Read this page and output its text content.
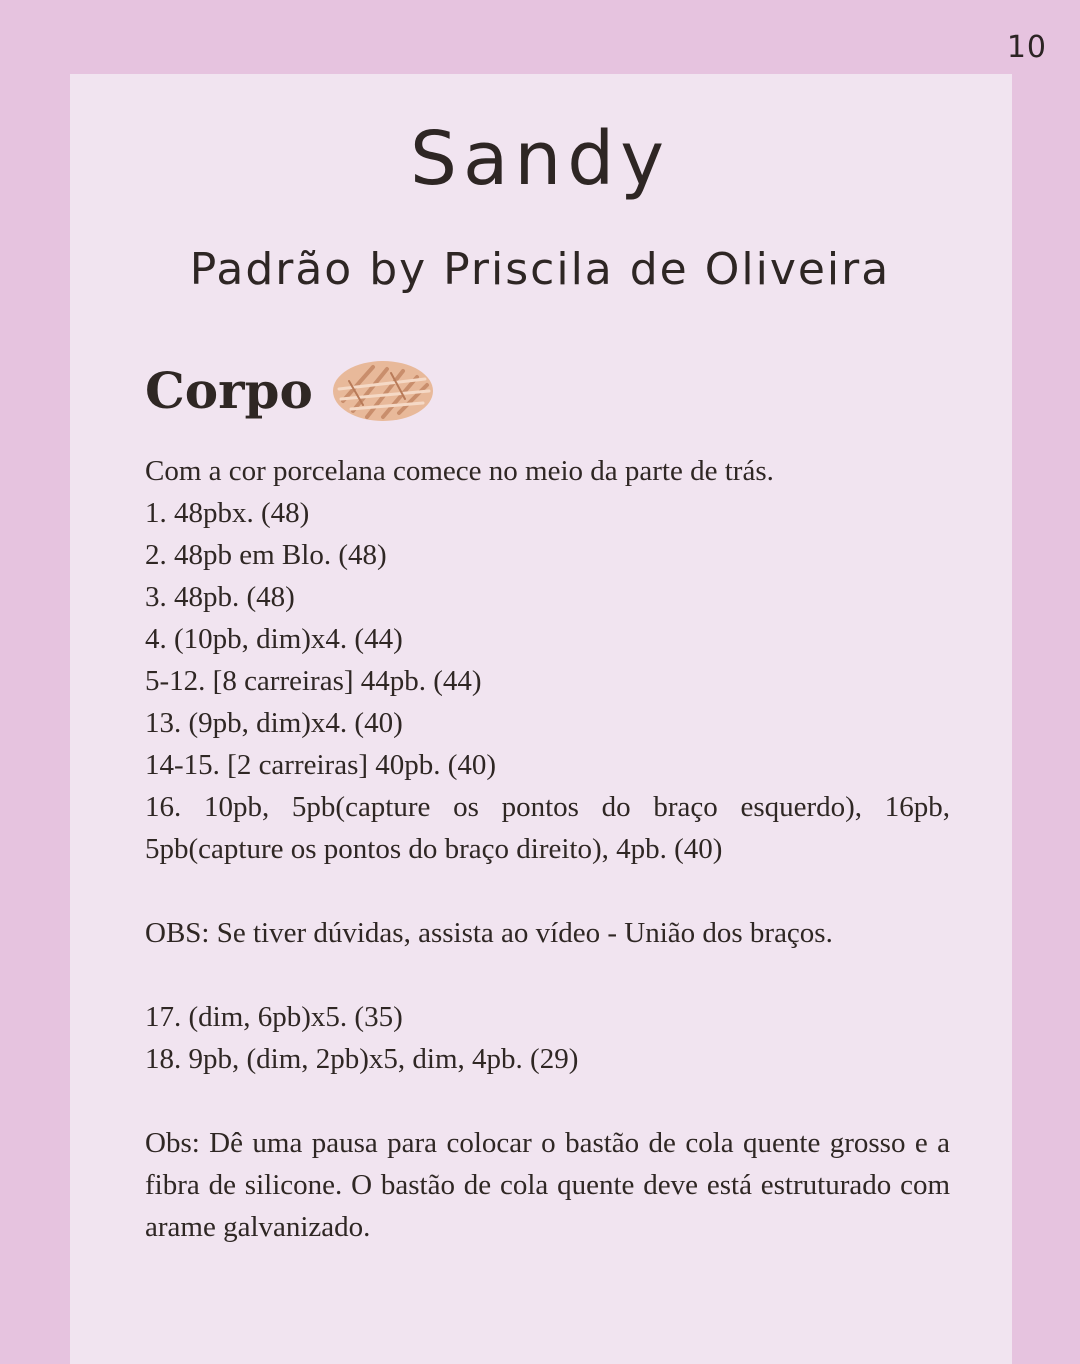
10
Sandy
Padrão by Priscila de Oliveira
Corpo
Com a cor porcelana comece no meio da parte de trás.
1. 48pbx. (48)
2. 48pb em Blo. (48)
3. 48pb. (48)
4. (10pb, dim)x4. (44)
5-12. [8 carreiras] 44pb. (44)
13. (9pb, dim)x4. (40)
14-15. [2 carreiras] 40pb. (40)
16. 10pb, 5pb(capture os pontos do braço esquerdo), 16pb, 5pb(capture os pontos do braço direito), 4pb. (40)
OBS: Se tiver dúvidas, assista ao vídeo - União dos braços.
17. (dim, 6pb)x5. (35)
18. 9pb, (dim, 2pb)x5, dim, 4pb. (29)
Obs: Dê uma pausa para colocar o bastão de cola quente grosso e a fibra de silicone. O bastão de cola quente deve está estruturado com arame galvanizado.
